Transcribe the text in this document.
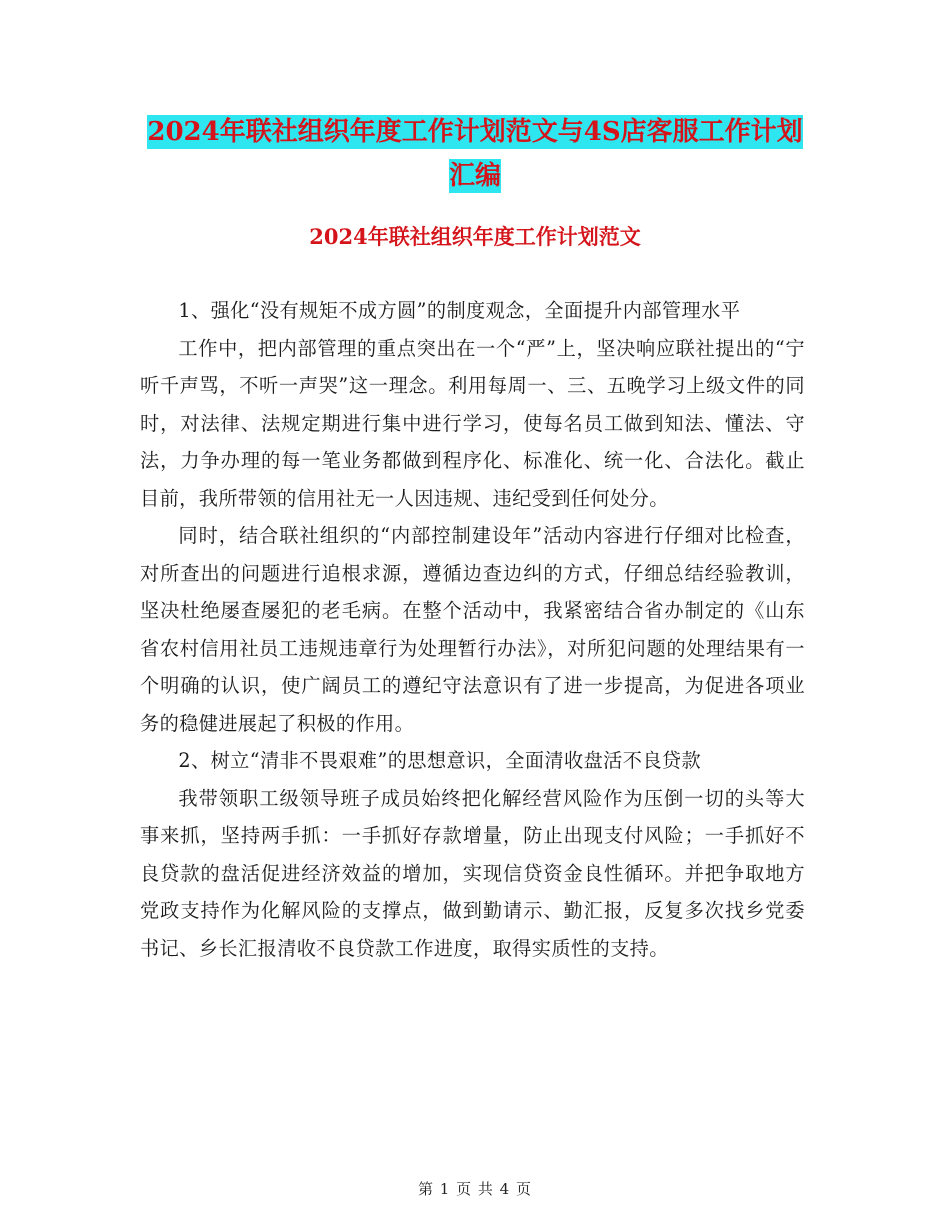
2024年联社组织年度工作计划范文与4S店客服工作计划汇编
2024年联社组织年度工作计划范文

1、强化“没有规矩不成方圆”的制度观念，全面提升内部管理水平

工作中，把内部管理的重点突出在一个“严”上，坚决响应联社提出的“宁听千声骂，不听一声哭”这一理念。利用每周一、三、五晚学习上级文件的同时，对法律、法规定期进行集中进行学习，使每名员工做到知法、懂法、守法，力争办理的每一笔业务都做到程序化、标准化、统一化、合法化。截止目前，我所带领的信用社无一人因违规、违纪受到任何处分。

同时，结合联社组织的“内部控制建设年”活动内容进行仔细对比检查，对所查出的问题进行追根求源，遵循边查边纠的方式，仔细总结经验教训，坚决杜绝屡查屡犯的老毛病。在整个活动中，我紧密结合省办制定的《山东省农村信用社员工违规违章行为处理暂行办法》，对所犯问题的处理结果有一个明确的认识，使广阔员工的遵纪守法意识有了进一步提高，为促进各项业务的稳健进展起了积极的作用。

2、树立“清非不畏艰难”的思想意识，全面清收盘活不良贷款

我带领职工级领导班子成员始终把化解经营风险作为压倒一切的头等大事来抓，坚持两手抓：一手抓好存款增量，防止出现支付风险；一手抓好不良贷款的盘活促进经济效益的增加，实现信贷资金良性循环。并把争取地方党政支持作为化解风险的支撑点，做到勤请示、勤汇报，反复多次找乡党委书记、乡长汇报清收不良贷款工作进度，取得实质性的支持。

第 1 页 共 4 页
